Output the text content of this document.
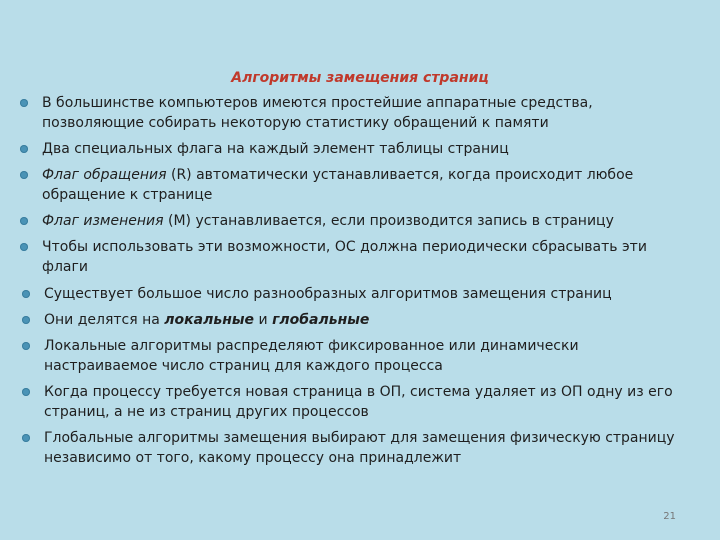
Алгоритмы замещения страниц
В большинстве компьютеров имеются простейшие аппаратные средства, позволяющие собирать некоторую статистику обращений к памяти
Два специальных флага на каждый элемент таблицы страниц
Флаг обращения (R) автоматически устанавливается, когда происходит любое обращение к странице
Флаг изменения (M) устанавливается, если производится запись в страницу
Чтобы использовать эти возможности, ОС должна периодически сбрасывать эти флаги
Существует большое число разнообразных алгоритмов замещения страниц
Они делятся на локальные и глобальные
Локальные алгоритмы распределяют фиксированное или динамически настраиваемое число страниц для каждого процесса
Когда процессу требуется новая страница в ОП, система удаляет из ОП одну из его страниц, а не из страниц других процессов
Глобальные алгоритмы замещения выбирают для замещения физическую страницу независимо от того, какому процессу она принадлежит
21
